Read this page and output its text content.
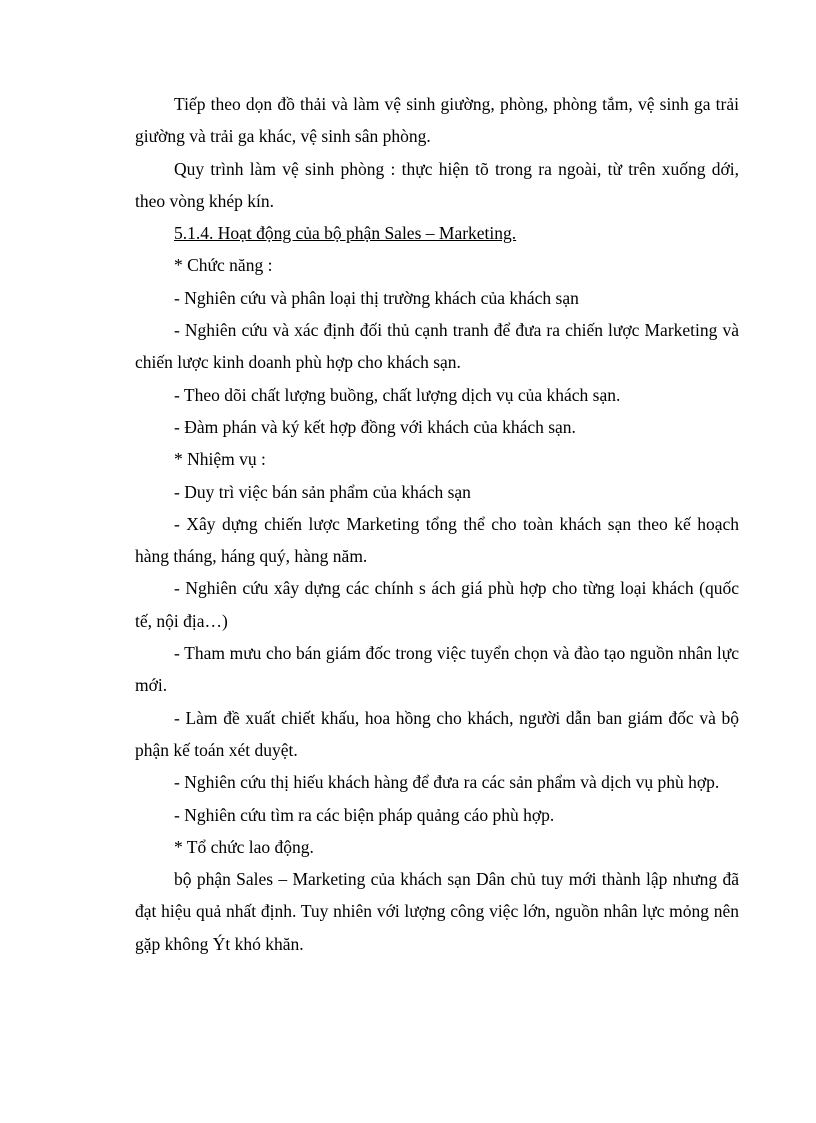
Tiếp theo dọn đồ thải và làm vệ sinh giường, phòng, phòng tắm, vệ sinh ga trải giường và trải ga khác, vệ sinh sân phòng.

Quy trình làm vệ sinh phòng : thực hiện tõ trong ra ngoài, từ trên xuống dới, theo vòng khép kín.

5.1.4. Hoạt động của bộ phận Sales – Marketing.

* Chức năng :

- Nghiên cứu và phân loại thị trường khách của khách sạn

- Nghiên cứu và xác định đối thủ cạnh tranh để đưa ra chiến lược Marketing và chiến lược kinh doanh phù hợp cho khách sạn.

- Theo dõi chất lượng buồng, chất lượng dịch vụ của khách sạn.

- Đàm phán và ký kết hợp đồng với khách của khách sạn.

* Nhiệm vụ :

- Duy trì việc bán sản phẩm của khách sạn

- Xây dựng chiến lược Marketing tổng thể cho toàn khách sạn theo kế hoạch hàng tháng, háng quý, hàng năm.

- Nghiên cứu xây dựng các chính s ách giá phù hợp cho từng loại khách (quốc tế, nội địa…)

- Tham mưu cho bán giám đốc trong việc tuyển chọn và đào tạo nguồn nhân lực mới.

- Làm đề xuất chiết khấu, hoa hồng cho khách, người dẫn ban giám đốc và bộ phận kế toán xét duyệt.

- Nghiên cứu thị hiếu khách hàng để đưa ra các sản phẩm và dịch vụ phù hợp.

- Nghiên cứu tìm ra các biện pháp quảng cáo phù hợp.

* Tổ chức lao động.

bộ phận Sales – Marketing của khách sạn Dân chủ tuy mới thành lập nhưng đã đạt hiệu quả nhất định. Tuy nhiên với lượng công việc lớn, nguồn nhân lực mỏng nên gặp không Ýt khó khăn.
